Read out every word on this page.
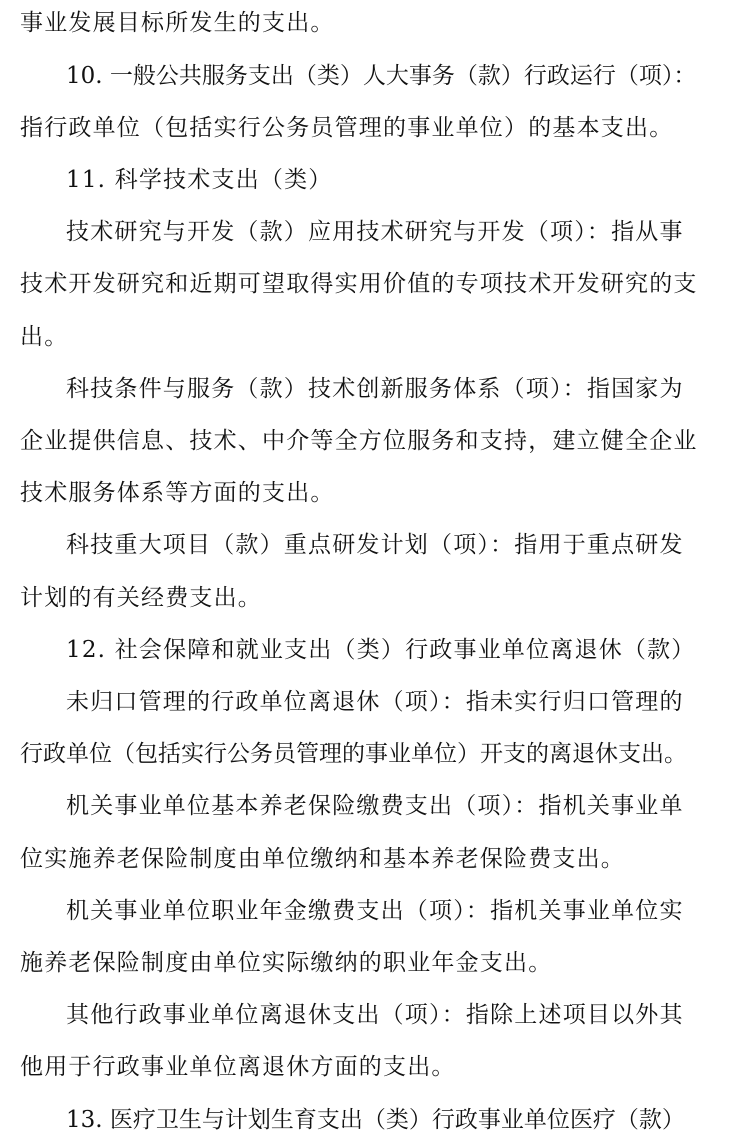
事业发展目标所发生的支出。
10. 一般公共服务支出（类）人大事务（款）行政运行（项）：
指行政单位（包括实行公务员管理的事业单位）的基本支出。
11. 科学技术支出（类）
技术研究与开发（款）应用技术研究与开发（项）：指从事
技术开发研究和近期可望取得实用价值的专项技术开发研究的支
出。
科技条件与服务（款）技术创新服务体系（项）：指国家为
企业提供信息、技术、中介等全方位服务和支持，建立健全企业
技术服务体系等方面的支出。
科技重大项目（款）重点研发计划（项）：指用于重点研发
计划的有关经费支出。
12. 社会保障和就业支出（类）行政事业单位离退休（款）
未归口管理的行政单位离退休（项）：指未实行归口管理的
行政单位（包括实行公务员管理的事业单位）开支的离退休支出。
机关事业单位基本养老保险缴费支出（项）：指机关事业单
位实施养老保险制度由单位缴纳和基本养老保险费支出。
机关事业单位职业年金缴费支出（项）：指机关事业单位实
施养老保险制度由单位实际缴纳的职业年金支出。
其他行政事业单位离退休支出（项）：指除上述项目以外其
他用于行政事业单位离退休方面的支出。
13. 医疗卫生与计划生育支出（类）行政事业单位医疗（款）
